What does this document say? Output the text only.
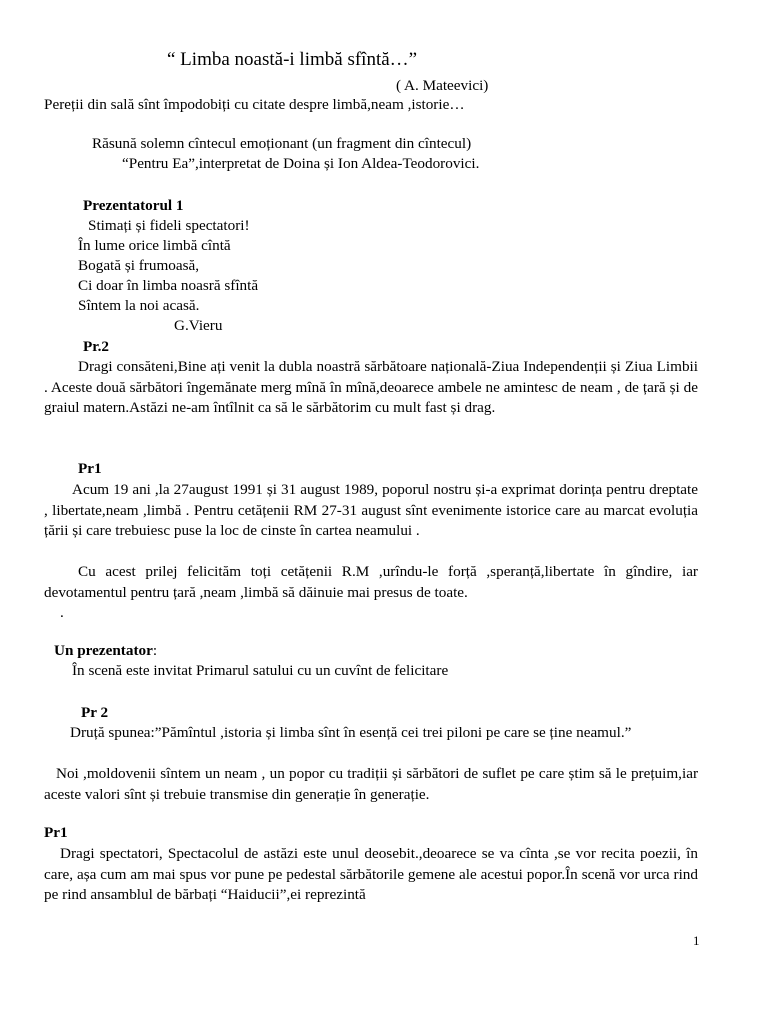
“ Limba noastă-i limbă sfîntă…”
( A. Mateevici)
Pereții din sală sînt împodobiți cu citate despre limbă,neam ,istorie…
Răsună solemn cîntecul emoționant (un fragment din cîntecul)
“Pentru Ea”,interpretat de Doina și Ion Aldea-Teodorovici.
Prezentatorul 1
Stimați și fideli spectatori!
În lume orice limbă cîntă
Bogată și frumoasă,
Ci doar în limba noasră sfîntă
Sîntem la noi acasă.
G.Vieru
Pr.2
Dragi consăteni,Bine ați venit la dubla noastră sărbătoare națională-Ziua Independenții și Ziua Limbii . Aceste două sărbători îngemănate merg mînă în mînă,deoarece ambele ne amintesc de neam , de țară și de graiul matern.Astăzi ne-am întîlnit ca să le sărbătorim cu mult fast și drag.
Pr1
Acum 19 ani ,la 27august 1991 și 31 august 1989, poporul nostru și-a exprimat dorința pentru dreptate , libertate,neam ,limbă . Pentru cetățenii RM 27-31 august sînt evenimente istorice care au marcat evoluția țării și care trebuiesc puse la loc de cinste în cartea neamului .
Cu acest prilej felicităm toți cetățenii R.M ,urîndu-le forță ,speranță,libertate în gîndire, iar devotamentul pentru țară ,neam ,limbă să dăinuie mai presus de toate.
.
Un prezentator:
În scenă este invitat Primarul satului cu un cuvînt de felicitare
Pr 2
Druță spunea:”Pămîntul ,istoria și limba sînt în esență cei trei piloni pe care se ține neamul.”
Noi ,moldovenii sîntem un neam , un popor cu tradiții și sărbători de suflet pe care știm să le prețuim,iar aceste valori sînt și trebuie transmise din generație în generație.
Pr1
Dragi spectatori, Spectacolul de astăzi este unul deosebit.,deoarece se va cînta ,se vor recita poezii, în care, așa cum am mai spus vor pune pe pedestal sărbătorile gemene ale acestui popor.În scenă vor urca rind pe rind ansamblul de bărbați “Haiducii”,ei reprezintă
1
